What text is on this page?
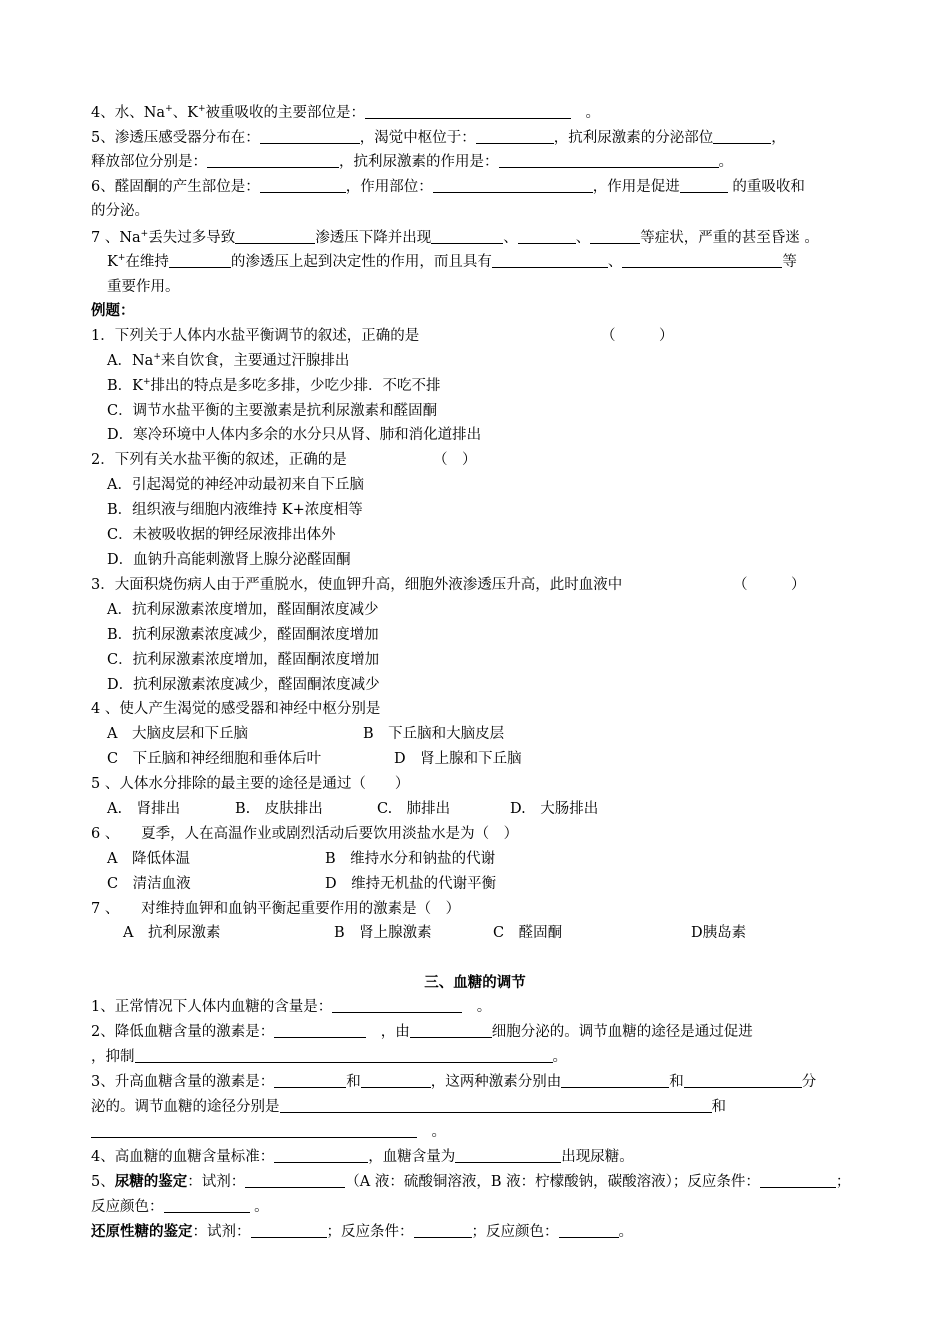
4、水、Na+、K+被重吸收的主要部位是：　	。
5、渗透压感受器分布在：	，渴觉中枢位于：	，抗利尿激素的分泌部位	，
释放部位分别是：	，抗利尿激素的作用是：	。
6、醛固酮的产生部位是：	，作用部位：	，作用是促进	的重吸收和
的分泌。
7 、Na+丢失过多导致	渗透压下降并出现	、	、	等症状，严重的甚至昏迷 。
K+在维持	的渗透压上起到决定性的作用，而且具有	、	等
重要作用。
例题：
1．下列关于人体内水盐平衡调节的叙述，正确的是	（　　　）
A．Na+来自饮食，主要通过汗腺排出
B．K+排出的特点是多吃多排，少吃少排．不吃不排
C．调节水盐平衡的主要激素是抗利尿激素和醛固酮
D．寒冷环境中人体内多余的水分只从肾、肺和消化道排出
2．下列有关水盐平衡的叙述，正确的是	（　）
A．引起渴觉的神经冲动最初来自下丘脑
B．组织液与细胞内液维持 K+浓度相等
C．未被吸收据的钾经尿液排出体外
D．血钠升高能刺激肾上腺分泌醛固酮
3．大面积烧伤病人由于严重脱水，使血钾升高，细胞外液渗透压升高，此时血液中	（　　　）
A．抗利尿激素浓度增加，醛固酮浓度减少
B．抗利尿激素浓度减少，醛固酮浓度增加
C．抗利尿激素浓度增加，醛固酮浓度增加
D．抗利尿激素浓度减少，醛固酮浓度减少
4 、使人产生渴觉的感受器和神经中枢分别是
A　大脑皮层和下丘脑	B　下丘脑和大脑皮层
C　下丘脑和神经细胞和垂体后叶	D　肾上腺和下丘脑
5 、人体水分排除的最主要的途径是通过（　　）
A.　肾排出	B.　皮肤排出	C.　肺排出	D.　大肠排出
6 、　　夏季，人在高温作业或剧烈活动后要饮用淡盐水是为（　）
A　降低体温	B　维持水分和钠盐的代谢
C　清洁血液	D　维持无机盐的代谢平衡
7 、　　对维持血钾和血钠平衡起重要作用的激素是（　）
A　抗利尿激素	B　肾上腺激素	C　醛固酮	D胰岛素
三、血糖的调节
1、正常情况下人体内血糖的含量是：　	。
2、降低血糖含量的激素是：　	，由	细胞分泌的。调节血糖的途径是通过促进
，抑制	。
3、升高血糖含量的激素是：	和	，这两种激素分别由	和	分
泌的。调节血糖的途径分别是	和
　。
4、高血糖的血糖含量标准：	，血糖含量为	出现尿糖。
5、尿糖的鉴定：试剂：	（A 液：硫酸铜溶液，B 液：柠檬酸钠，碳酸溶液）；反应条件：	；
反应颜色：	。
还原性糖的鉴定：试剂：	；反应条件：	；反应颜色：	。
